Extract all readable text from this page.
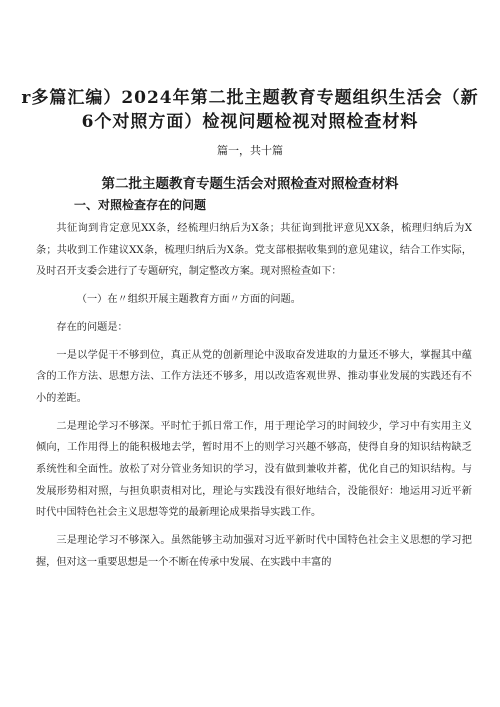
r多篇汇编）2024年第二批主题教育专题组织生活会（新6个对照方面）检视问题检视对照检查材料
篇一，共十篇
第二批主题教育专题生活会对照检查对照检查材料
一、对照检查存在的问题

共征询到肯定意见XX条，经梳理归纳后为X条；共征询到批评意见XX条，梳理归纳后为X条；共收到工作建议XX条，梳理归纳后为X条。党支部根据收集到的意见建议，结合工作实际，及时召开支委会进行了专题研究，制定整改方案。现对照检查如下：

（一）在〃组织开展主题教育方面〃方面的问题。

存在的问题是：

一是以学促干不够到位，真正从党的创新理论中汲取奋发进取的力量还不够大，掌握其中蕴含的工作方法、思想方法、工作方法还不够多，用以改造客观世界、推动事业发展的实践还有不小的差距。

二是理论学习不够深。平时忙于抓日常工作，用于理论学习的时间较少，学习中有实用主义倾向，工作用得上的能积极地去学，暂时用不上的则学习兴趣不够高，使得自身的知识结构缺乏系统性和全面性。放松了对分管业务知识的学习，没有做到兼收并蓄，优化自己的知识结构。与发展形势相对照，与担负职责相对比，理论与实践没有很好地结合，没能很好：地运用习近平新时代中国特色社会主义思想等党的最新理论成果指导实践工作。

三是理论学习不够深入。虽然能够主动加强对习近平新时代中国特色社会主义思想的学习把握，但对这一重要思想是一个不断在传承中发展、在实践中丰富的
